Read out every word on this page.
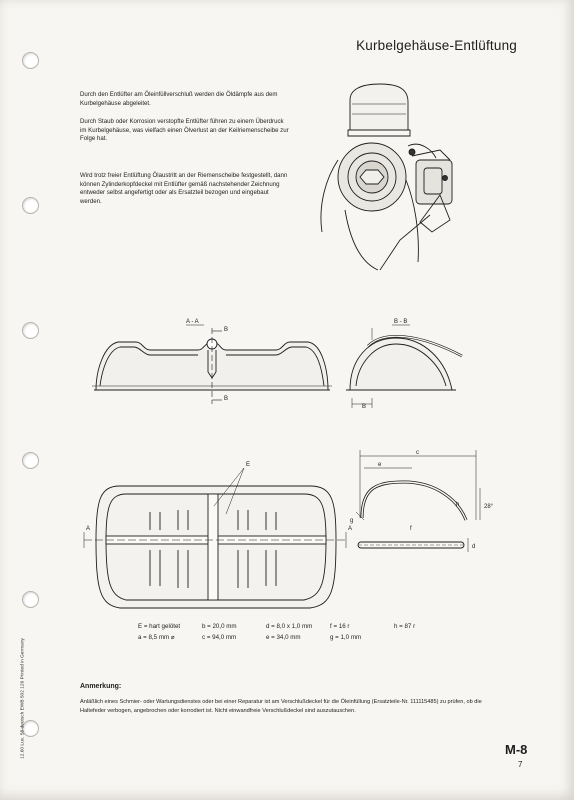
Kurbelgehäuse-Entlüftung

Durch den Entlüfter am Öleinfüllverschluß werden die Öldämpfe aus dem Kurbelgehäuse abgeleitet.

Durch Staub oder Korrosion verstopfte Entlüfter führen zu einem Überdruck im Kurbelgehäuse, was vielfach einen Ölverlust an der Keilriemenscheibe zur Folge hat.

Wird trotz freier Entlüftung Ölaustritt an der Riemenscheibe festgestellt, dann können Zylinderkopfdeckel mit Entlüfter gemäß nachstehender Zeichnung entweder selbst angefertigt oder als Ersatzteil bezogen und eingebaut werden.

A - A
B
B
B - B
B
E
A	A
c
e
g
f
28°
d
h
E = hart gelötet	b = 20,0 mm	d = 8,0 x 1,0 mm	f = 16 r	h = 87 r
a = 8,5 mm ⌀	c = 94,0 mm	e = 34,0 mm	g = 1,0 mm
Anmerkung:

Anläßlich eines Schmier- oder Wartungsdienstes oder bei einer Reparatur ist am Verschlußdeckel für die Öleinfüllung (Ersatzteile-Nr. 111115485) zu prüfen, ob die Haltefeder verbogen, angebrochen oder korrodiert ist. Nicht einwandfreie Verschlußdeckel sind auszutauschen.

12.60 Lux. 58 deutsch EWB 502 126 Printed in Germany	M-8
7
